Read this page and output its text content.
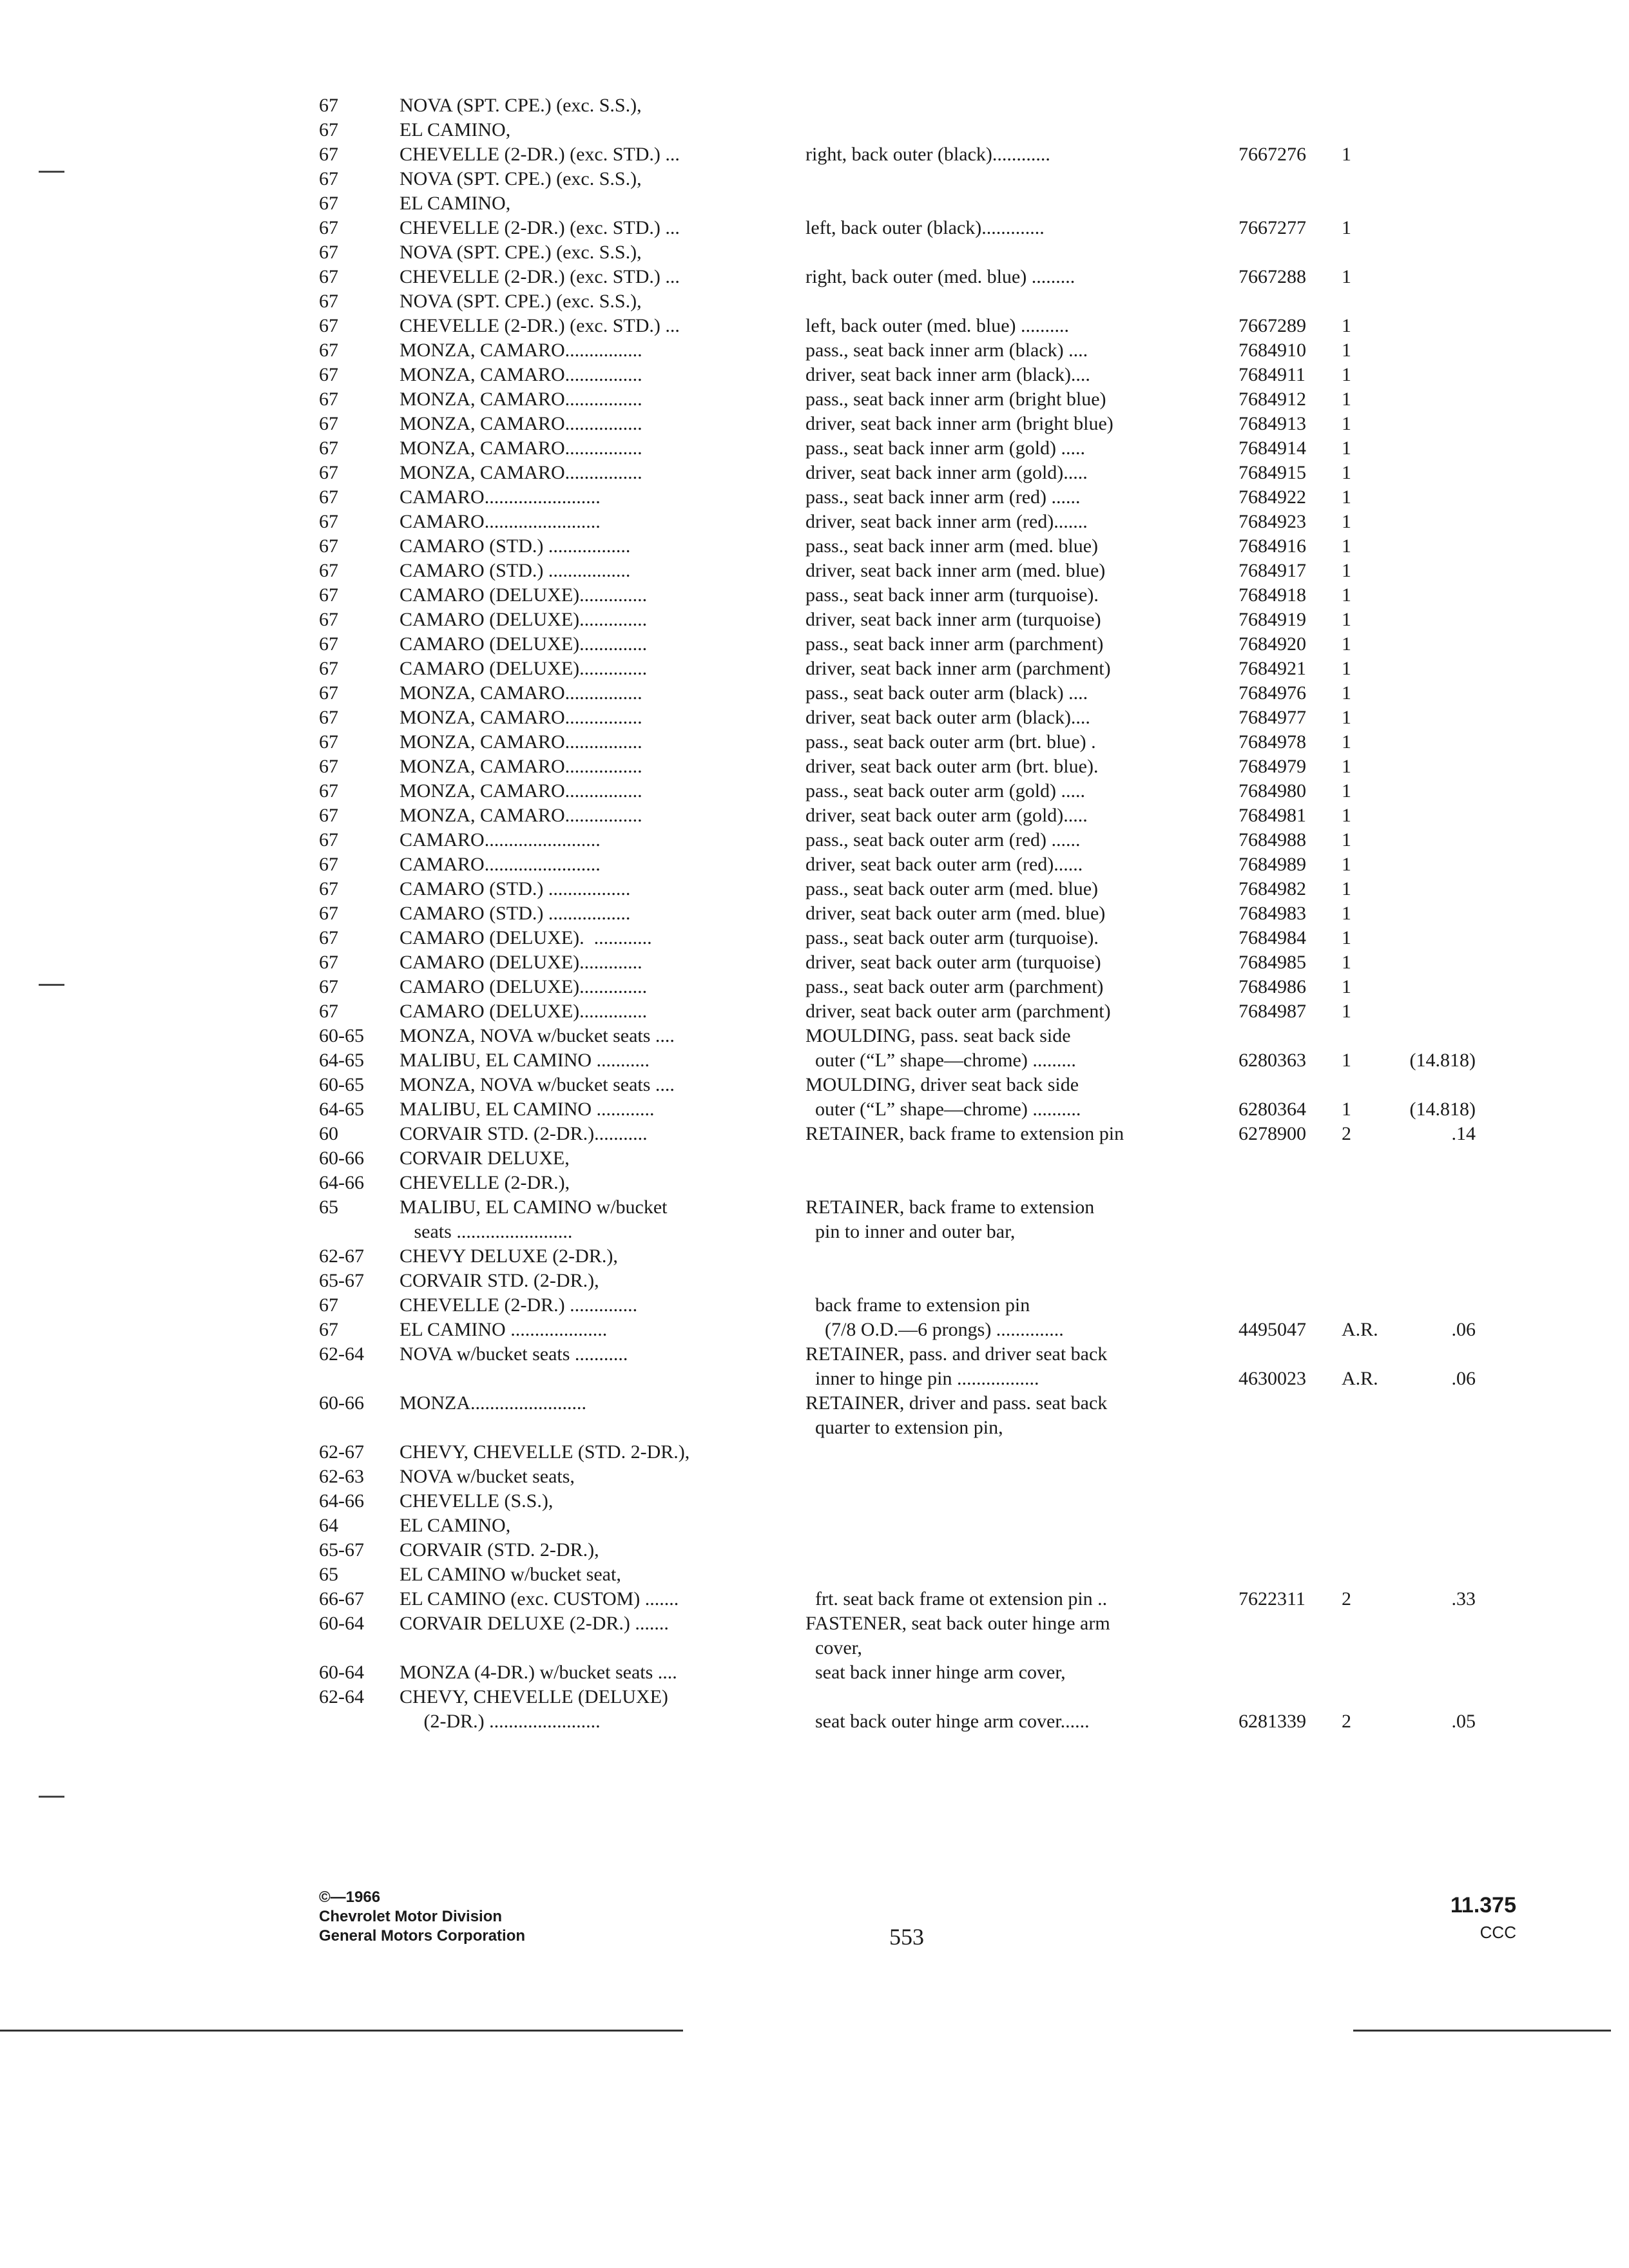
67	NOVA (SPT. CPE.) (exc. S.S.),
67	EL CAMINO,
67	CHEVELLE (2-DR.) (exc. STD.) ...	right, back outer (black)............	7667276	1
67	NOVA (SPT. CPE.) (exc. S.S.),
67	EL CAMINO,
67	CHEVELLE (2-DR.) (exc. STD.) ...	left, back outer (black).............	7667277	1
67	NOVA (SPT. CPE.) (exc. S.S.),
67	CHEVELLE (2-DR.) (exc. STD.) ...	right, back outer (med. blue) .........	7667288	1
67	NOVA (SPT. CPE.) (exc. S.S.),
67	CHEVELLE (2-DR.) (exc. STD.) ...	left, back outer (med. blue) ..........	7667289	1
67	MONZA, CAMARO................	pass., seat back inner arm (black) ....	7684910	1
67	MONZA, CAMARO................	driver, seat back inner arm (black)....	7684911	1
67	MONZA, CAMARO................	pass., seat back inner arm (bright blue)	7684912	1
67	MONZA, CAMARO................	driver, seat back inner arm (bright blue)	7684913	1
67	MONZA, CAMARO................	pass., seat back inner arm (gold) .....	7684914	1
67	MONZA, CAMARO................	driver, seat back inner arm (gold).....	7684915	1
67	CAMARO........................	pass., seat back inner arm (red) ......	7684922	1
67	CAMARO........................	driver, seat back inner arm (red).......	7684923	1
67	CAMARO (STD.) .................	pass., seat back inner arm (med. blue)	7684916	1
67	CAMARO (STD.) .................	driver, seat back inner arm (med. blue)	7684917	1
67	CAMARO (DELUXE)..............	pass., seat back inner arm (turquoise).	7684918	1
67	CAMARO (DELUXE)..............	driver, seat back inner arm (turquoise)	7684919	1
67	CAMARO (DELUXE)..............	pass., seat back inner arm (parchment)	7684920	1
67	CAMARO (DELUXE)..............	driver, seat back inner arm (parchment)	7684921	1
67	MONZA, CAMARO................	pass., seat back outer arm (black) ....	7684976	1
67	MONZA, CAMARO................	driver, seat back outer arm (black)....	7684977	1
67	MONZA, CAMARO................	pass., seat back outer arm (brt. blue) .	7684978	1
67	MONZA, CAMARO................	driver, seat back outer arm (brt. blue).	7684979	1
67	MONZA, CAMARO................	pass., seat back outer arm (gold) .....	7684980	1
67	MONZA, CAMARO................	driver, seat back outer arm (gold).....	7684981	1
67	CAMARO........................	pass., seat back outer arm (red) ......	7684988	1
67	CAMARO........................	driver, seat back outer arm (red)......	7684989	1
67	CAMARO (STD.) .................	pass., seat back outer arm (med. blue)	7684982	1
67	CAMARO (STD.) .................	driver, seat back outer arm (med. blue)	7684983	1
67	CAMARO (DELUXE).  ............	pass., seat back outer arm (turquoise).	7684984	1
67	CAMARO (DELUXE).............	driver, seat back outer arm (turquoise)	7684985	1
67	CAMARO (DELUXE)..............	pass., seat back outer arm (parchment)	7684986	1
67	CAMARO (DELUXE)..............	driver, seat back outer arm (parchment)	7684987	1
60-65	MONZA, NOVA w/bucket seats ....	MOULDING, pass. seat back side
64-65	MALIBU, EL CAMINO ...........	outer (“L” shape—chrome) .........	6280363	1	(14.818)
60-65	MONZA, NOVA w/bucket seats ....	MOULDING, driver seat back side
64-65	MALIBU, EL CAMINO ............	outer (“L” shape—chrome) ..........	6280364	1	(14.818)
60	CORVAIR STD. (2-DR.)...........	RETAINER, back frame to extension pin	6278900	2	.14
60-66	CORVAIR DELUXE,
64-66	CHEVELLE (2-DR.),
65	MALIBU, EL CAMINO w/bucket	RETAINER, back frame to extension
seats ........................	pin to inner and outer bar,
62-67	CHEVY DELUXE (2-DR.),
65-67	CORVAIR STD. (2-DR.),
67	CHEVELLE (2-DR.) ..............	back frame to extension pin
67	EL CAMINO ....................	(7/8 O.D.—6 prongs) ..............	4495047	A.R.	.06
62-64	NOVA w/bucket seats ...........	RETAINER, pass. and driver seat back
inner to hinge pin .................	4630023	A.R.	.06
60-66	MONZA........................	RETAINER, driver and pass. seat back
quarter to extension pin,
62-67	CHEVY, CHEVELLE (STD. 2-DR.),
62-63	NOVA w/bucket seats,
64-66	CHEVELLE (S.S.),
64	EL CAMINO,
65-67	CORVAIR (STD. 2-DR.),
65	EL CAMINO w/bucket seat,
66-67	EL CAMINO (exc. CUSTOM) .......	frt. seat back frame ot extension pin ..	7622311	2	.33
60-64	CORVAIR DELUXE (2-DR.) .......	FASTENER, seat back outer hinge arm
cover,
60-64	MONZA (4-DR.) w/bucket seats ....	seat back inner hinge arm cover,
62-64	CHEVY, CHEVELLE (DELUXE)
(2-DR.) .......................	seat back outer hinge arm cover......	6281339	2	.05
©—1966
Chevrolet Motor Division
General Motors Corporation	553
11.375
CCC
